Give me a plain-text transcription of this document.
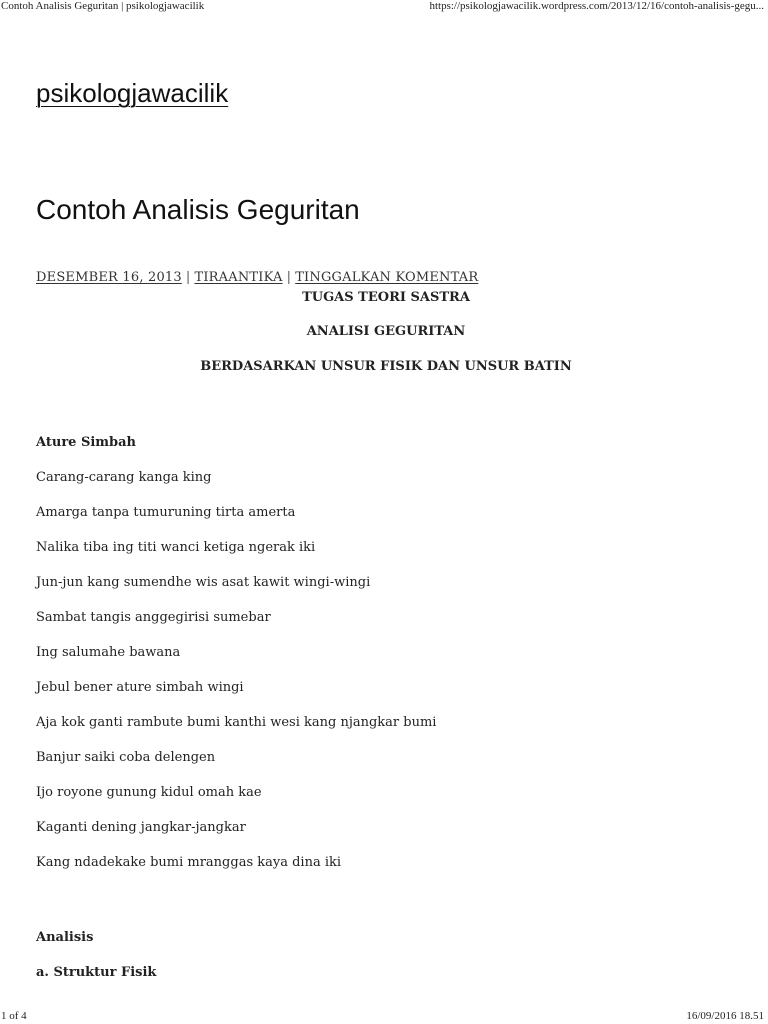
Contoh Analisis Geguritan | psikologjawacilik	https://psikologjawacilik.wordpress.com/2013/12/16/contoh-analisis-gegu...
psikologjawacilik
Contoh Analisis Geguritan
DESEMBER 16, 2013 | TIRAANTIKA | TINGGALKAN KOMENTAR

TUGAS TEORI SASTRA

ANALISI GEGURITAN

BERDASARKAN UNSUR FISIK DAN UNSUR BATIN

Ature Simbah

Carang-carang kanga king
Amarga tanpa tumuruning tirta amerta
Nalika tiba ing titi wanci ketiga ngerak iki
Jun-jun kang sumendhe wis asat kawit wingi-wingi
Sambat tangis anggegirisi sumebar
Ing salumahe bawana
Jebul bener ature simbah wingi
Aja kok ganti rambute bumi kanthi wesi kang njangkar bumi
Banjur saiki coba delengen
Ijo royone gunung kidul omah kae
Kaganti dening jangkar-jangkar
Kang ndadekake bumi mranggas kaya dina iki

Analisis

a. Struktur Fisik

1 of 4	16/09/2016 18.51
